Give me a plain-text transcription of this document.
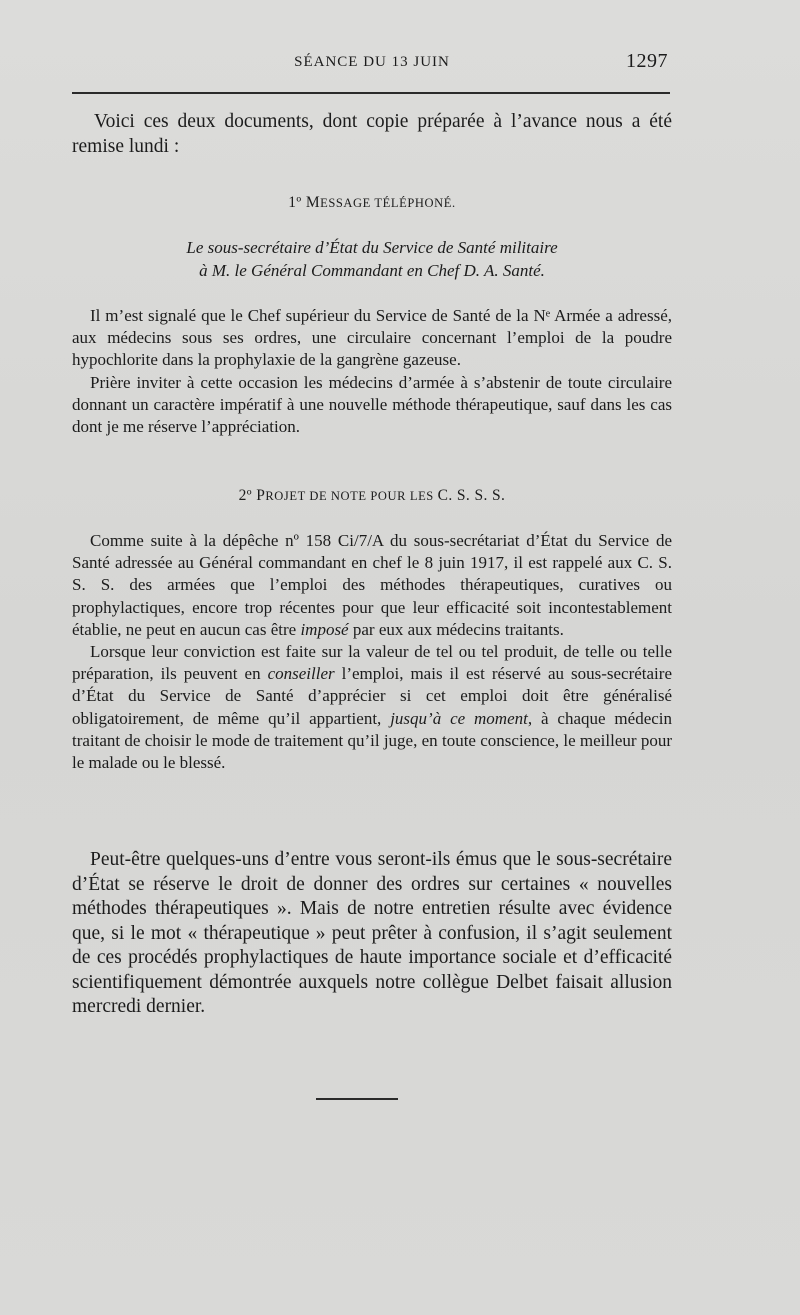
SÉANCE DU 13 JUIN	1297

Voici ces deux documents, dont copie préparée à l’avance nous a été remise lundi :

1º MESSAGE TÉLÉPHONÉ.
Le sous-secrétaire d’État du Service de Santé militaire
à M. le Général Commandant en Chef D. A. Santé.

Il m’est signalé que le Chef supérieur du Service de Santé de la Nᵉ Armée a adressé, aux médecins sous ses ordres, une circulaire concernant l’emploi de la poudre hypochlorite dans la prophylaxie de la gangrène gazeuse.

Prière inviter à cette occasion les médecins d’armée à s’abstenir de toute circulaire donnant un caractère impératif à une nouvelle méthode thérapeutique, sauf dans les cas dont je me réserve l’appréciation.

2º PROJET DE NOTE POUR LES C. S. S. S.

Comme suite à la dépêche nº 158 Ci/7/A du sous-secrétariat d’État du Service de Santé adressée au Général commandant en chef le 8 juin 1917, il est rappelé aux C. S. S. S. des armées que l’emploi des méthodes thérapeutiques, curatives ou prophylactiques, encore trop récentes pour que leur efficacité soit incontestablement établie, ne peut en aucun cas être imposé par eux aux médecins traitants.

Lorsque leur conviction est faite sur la valeur de tel ou tel produit, de telle ou telle préparation, ils peuvent en conseiller l’emploi, mais il est réservé au sous-secrétaire d’État du Service de Santé d’apprécier si cet emploi doit être généralisé obligatoirement, de même qu’il appartient, jusqu’à ce moment, à chaque médecin traitant de choisir le mode de traitement qu’il juge, en toute conscience, le meilleur pour le malade ou le blessé.

Peut-être quelques-uns d’entre vous seront-ils émus que le sous-secrétaire d’État se réserve le droit de donner des ordres sur certaines « nouvelles méthodes thérapeutiques ». Mais de notre entretien résulte avec évidence que, si le mot « thérapeutique » peut prêter à confusion, il s’agit seulement de ces procédés prophylactiques de haute importance sociale et d’efficacité scientifiquement démontrée auxquels notre collègue Delbet faisait allusion mercredi dernier.
